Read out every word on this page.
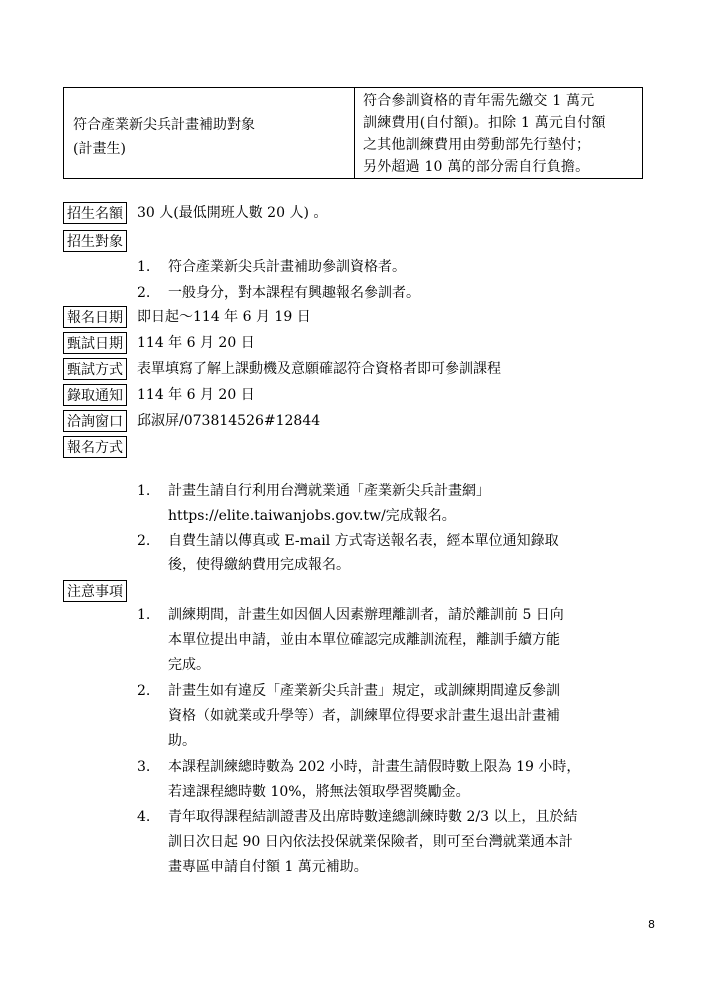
符合產業新尖兵計畫補助對象
(計畫生)
符合參訓資格的青年需先繳交 1 萬元
訓練費用(自付額)。扣除 1 萬元自付額
之其他訓練費用由勞動部先行墊付；
另外超過 10 萬的部分需自行負擔。
招生名額 30 人(最低開班人數 20 人) 。
招生對象
1. 符合產業新尖兵計畫補助參訓資格者。
2. 一般身分，對本課程有興趣報名參訓者。
報名日期 即日起～114 年 6 月 19 日
甄試日期 114 年 6 月 20 日
甄試方式 表單填寫了解上課動機及意願確認符合資格者即可參訓課程
錄取通知 114 年 6 月 20 日
洽詢窗口 邱淑屏/073814526#12844
報名方式
1. 計畫生請自行利用台灣就業通「產業新尖兵計畫網」
https://elite.taiwanjobs.gov.tw/完成報名。
2. 自費生請以傳真或 E-mail 方式寄送報名表，經本單位通知錄取
後，使得繳納費用完成報名。
注意事項
1. 訓練期間，計畫生如因個人因素辦理離訓者，請於離訓前 5 日向
本單位提出申請，並由本單位確認完成離訓流程，離訓手續方能
完成。
2. 計畫生如有違反「產業新尖兵計畫」規定，或訓練期間違反參訓
資格（如就業或升學等）者，訓練單位得要求計畫生退出計畫補
助。
3. 本課程訓練總時數為 202 小時，計畫生請假時數上限為 19 小時，
若達課程總時數 10%，將無法領取學習獎勵金。
4. 青年取得課程結訓證書及出席時數達總訓練時數 2/3 以上，且於結
訓日次日起 90 日內依法投保就業保險者，則可至台灣就業通本計
畫專區申請自付額 1 萬元補助。
8
